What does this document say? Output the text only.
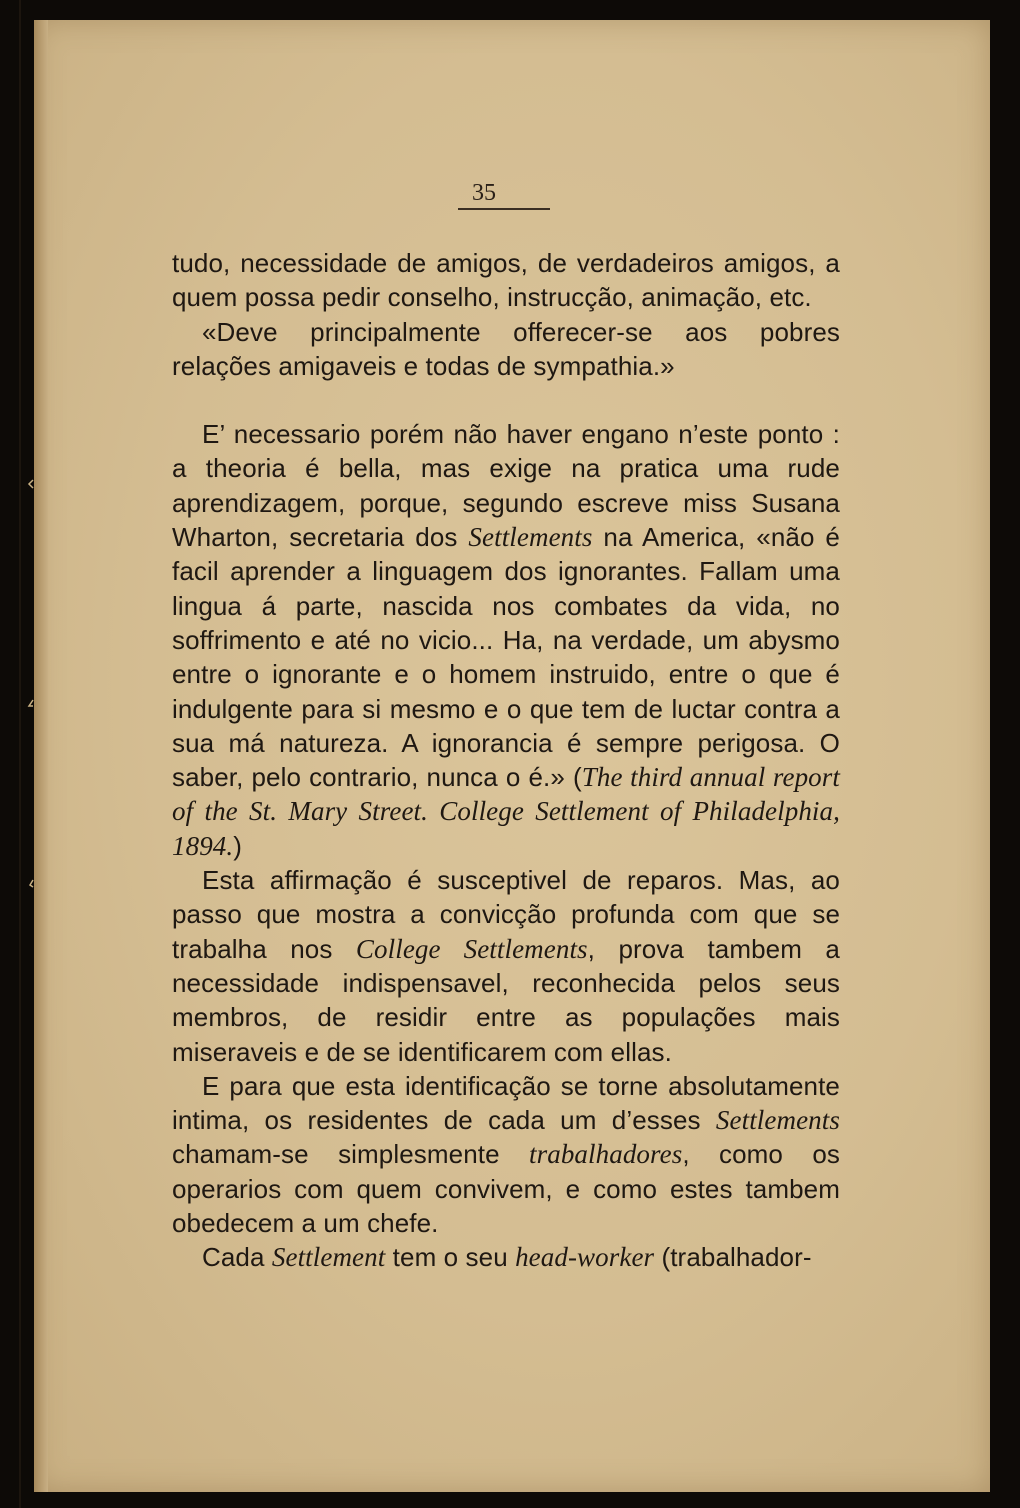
35

tudo, necessidade de amigos, de verdadeiros amigos, a quem possa pedir conselho, instrucção, animação, etc.

«Deve principalmente offerecer-se aos pobres relações amigaveis e todas de sympathia.»

E’ necessario porém não haver engano n’este ponto : a theoria é bella, mas exige na pratica uma rude aprendizagem, porque, segundo escreve miss Susana Wharton, secretaria dos Settlements na America, «não é facil aprender a linguagem dos ignorantes. Fallam uma lingua á parte, nascida nos combates da vida, no soffrimento e até no vicio... Ha, na verdade, um abysmo entre o ignorante e o homem instruido, entre o que é indulgente para si mesmo e o que tem de luctar contra a sua má natureza. A ignorancia é sempre perigosa. O saber, pelo contrario, nunca o é.» (The third annual report of the St. Mary Street. College Settlement of Philadelphia, 1894.)

Esta affirmação é susceptivel de reparos. Mas, ao passo que mostra a convicção profunda com que se trabalha nos College Settlements, prova tambem a necessidade indispensavel, reconhecida pelos seus membros, de residir entre as populações mais miseraveis e de se identificarem com ellas.

E para que esta identificação se torne absolutamente intima, os residentes de cada um d’esses Settlements chamam-se simplesmente trabalhadores, como os operarios com quem convivem, e como estes tambem obedecem a um chefe.

Cada Settlement tem o seu head-worker (trabalhador-
